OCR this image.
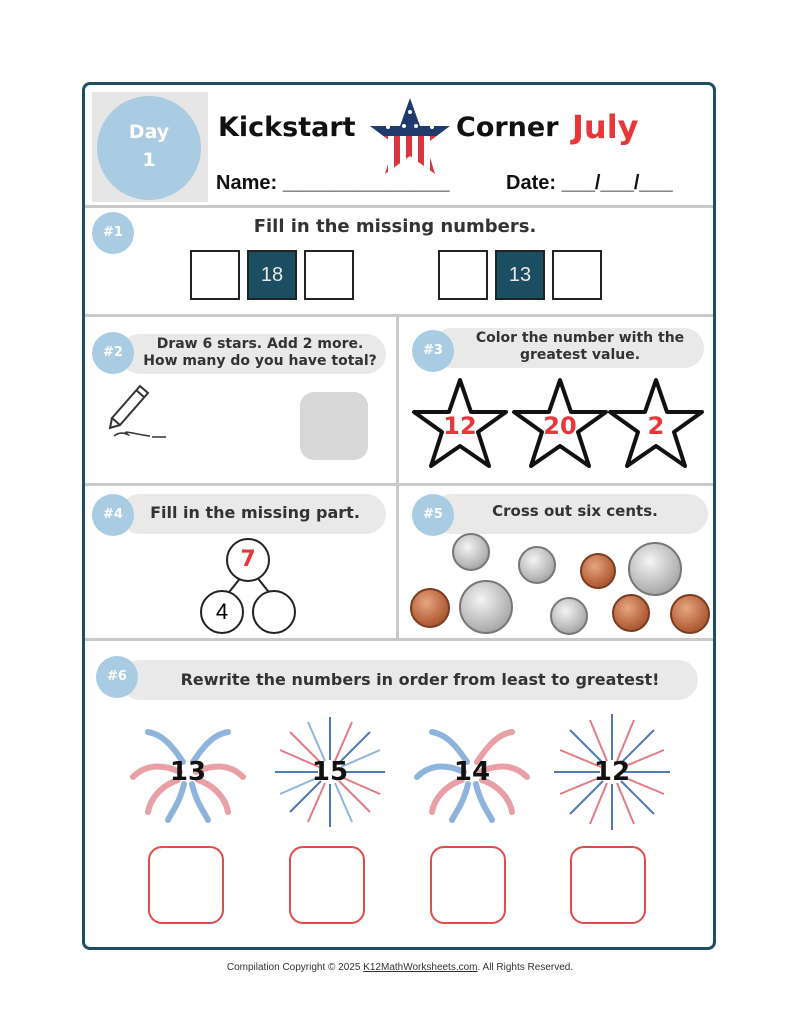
Day
1
Kickstart	Corner July
Name: _______________	Date: ___/___/___
#1	Fill in the missing numbers.
18	13
#2
Draw 6 stars. Add 2 more.
How many do you have total?
#3
Color the number with the
greatest value.
12	20	2
#4	Fill in the missing part.
7
4
#5	Cross out six cents.
#6	Rewrite the numbers in order from least to greatest!
13	15	14	12
Compilation Copyright © 2025 K12MathWorksheets.com. All Rights Reserved.
